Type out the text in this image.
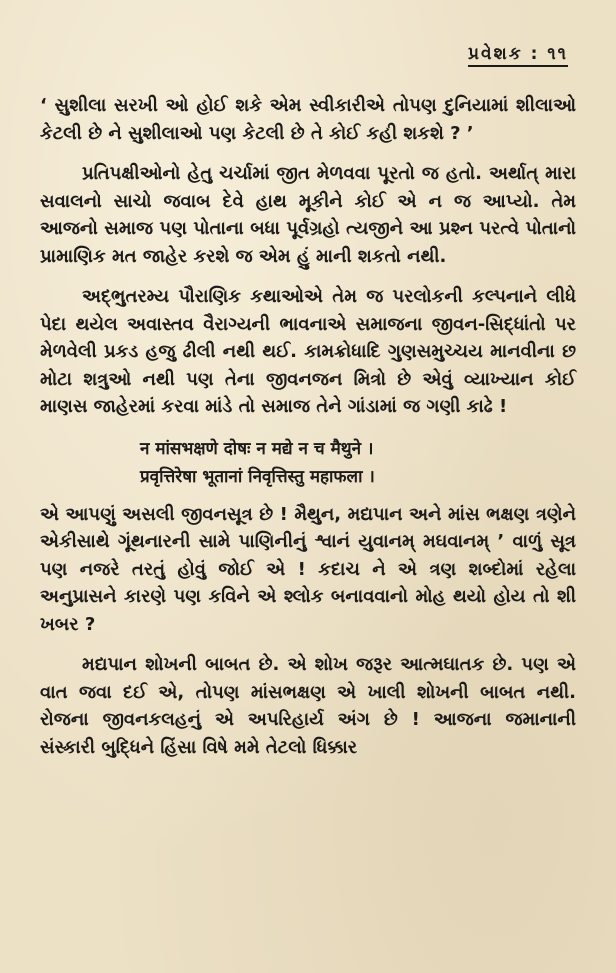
પ્રવેશક : ૧૧

‘ સુશીલા સરખી ઓ હોઈ શકે એમ સ્વીકારીએ તોપણ દુનિયામાં શીલાઓ કેટલી છે ને સુશીલાઓ પણ કેટલી છે તે કોઈ કહી શકશે ? ’

પ્રતિપક્ષીઓનો હેતુ ચર્ચામાં જીત મેળવવા પૂરતો જ હતો. અર્થાત્ મારા સવાલનો સાચો જવાબ દેવે હાથ મૂકીને કોઈ એ ન જ આપ્યો. તેમ આજનો સમાજ પણ પોતાના બધા પૂર્વગ્રહો ત્યજીને આ પ્રશ્ન પરત્વે પોતાનો પ્રામાણિક મત જાહેર કરશે જ એમ હું માની શકતો નથી.

અદ્ભુતરમ્ય પૌરાણિક કથાઓએ તેમ જ પરલોકની કલ્પનાને લીધે પેદા થયેલ અવાસ્તવ વૈરાગ્યની ભાવનાએ સમાજના જીવન-સિદ્ધાંતો પર મેળવેલી પ્રકડ હજુ ઢીલી નથી થઈ. કામક્રોધાદિ ગુણસમુચ્ચય માનવીના છ મોટા શત્રુઓ નથી પણ તેના જીવનજન મિત્રો છે એવું વ્યાખ્યાન કોઈ માણસ જાહેરમાં કરવા માંડે તો સમાજ તેને ગાંડામાં જ ગણી કાઢે !

न मांसभक्षणे दोषः न मद्ये न च मैथुने ।
प्रवृत्तिरेषा भूतानां निवृत्तिस्तु महाफला ।

એ આપણું અસલી જીવનસૂત્ર છે ! મૈથુન, મદ્યપાન અને માંસ ભક્ષણ ત્રણેને એકીસાથે ગૂંથનારની સામે પાણિનીનું શ્વાનં યુવાનમ્ મઘવાનમ્ ’ વાળું સૂત્ર પણ નજરે તરતું હોવું જોઈ એ ! કદાચ ને એ ત્રણ શબ્દોમાં રહેલા અનુપ્રાસને કારણે પણ કવિને એ શ્લોક બનાવવાનો મોહ થયો હોય તો શી ખબર ?

મદ્યપાન શોખની બાબત છે. એ શોખ જરૂર આત્મઘાતક છે. પણ એ વાત જવા દઈ એ, તોપણ માંસભક્ષણ એ ખાલી શોખની બાબત નથી. રોજના જીવનકલહનું એ અપરિહાર્ય અંગ છે ! આજના જમાનાની સંસ્કારી બુદ્ધિને હિંસા વિષે મમે તેટલો ધિક્કાર
